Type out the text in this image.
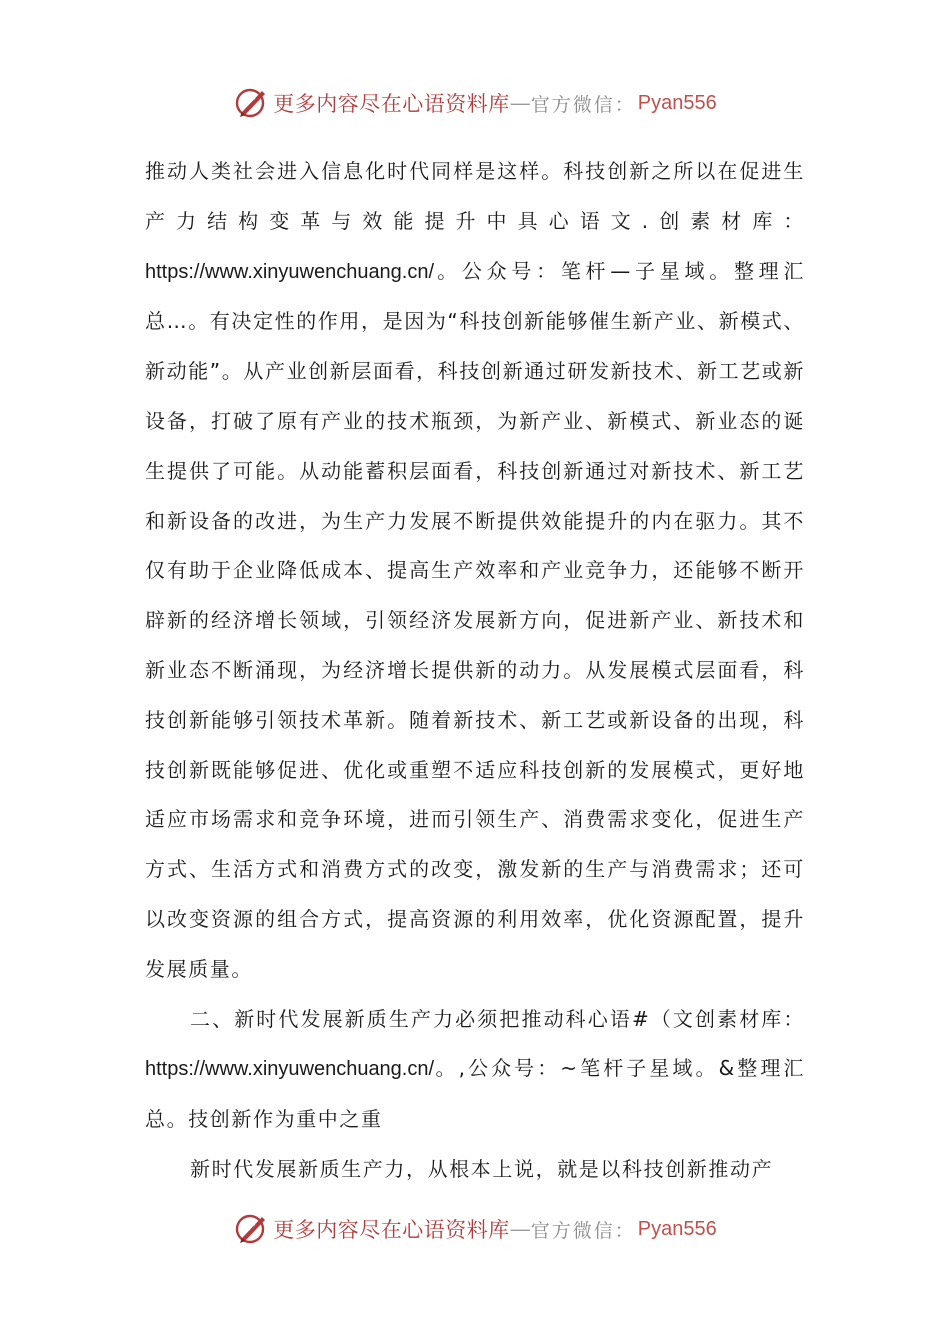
更多内容尽在心语资料库 — 官方微信： Pyan556

推动人类社会进入信息化时代同样是这样。科技创新之所以在促进生产力结构变革与效能提升中具心语文.创素材库：https://www.xinyuwenchuang.cn/。公众号：笔杆—子星域。整理汇总…。有决定性的作用，是因为“科技创新能够催生新产业、新模式、新动能”。从产业创新层面看，科技创新通过研发新技术、新工艺或新设备，打破了原有产业的技术瓶颈，为新产业、新模式、新业态的诞生提供了可能。从动能蓄积层面看，科技创新通过对新技术、新工艺和新设备的改进，为生产力发展不断提供效能提升的内在驱力。其不仅有助于企业降低成本、提高生产效率和产业竞争力，还能够不断开辟新的经济增长领域，引领经济发展新方向，促进新产业、新技术和新业态不断涌现，为经济增长提供新的动力。从发展模式层面看，科技创新能够引领技术革新。随着新技术、新工艺或新设备的出现，科技创新既能够促进、优化或重塑不适应科技创新的发展模式，更好地适应市场需求和竞争环境，进而引领生产、消费需求变化，促进生产方式、生活方式和消费方式的改变，激发新的生产与消费需求；还可以改变资源的组合方式，提高资源的利用效率，优化资源配置，提升发展质量。

二、新时代发展新质生产力必须把推动科心语#（文创素材库：https://www.xinyuwenchuang.cn/。,公众号：~笔杆子星域。&整理汇总。技创新作为重中之重

新时代发展新质生产力，从根本上说，就是以科技创新推动产

更多内容尽在心语资料库 — 官方微信： Pyan556
